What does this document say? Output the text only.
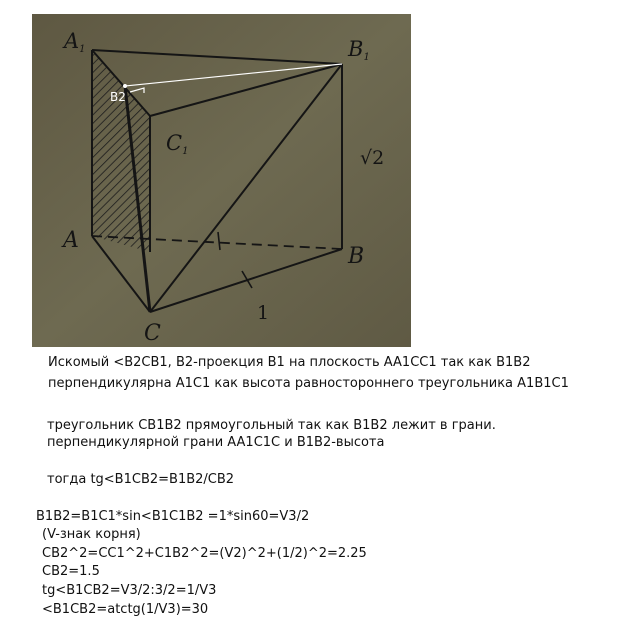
A1	B1
C1
A
B
C
√2
1
B2
Искомый <B2CB1, B2-проекция B1 на плоскость AA1CC1 так как B1B2
перпендикулярна A1C1 как высота равностороннего треугольника A1B1C1
треугольник CB1B2 прямоугольный так как B1B2 лежит в грани.
перпендикулярной грани AA1C1C и B1B2-высота
тогда tg<B1CB2=B1B2/CB2
B1B2=B1C1*sin<B1C1B2 =1*sin60=V3/2
(V-знак корня)
CB2^2=CC1^2+C1B2^2=(V2)^2+(1/2)^2=2.25
CB2=1.5
tg<B1CB2=V3/2:3/2=1/V3
<B1CB2=atctg(1/V3)=30
